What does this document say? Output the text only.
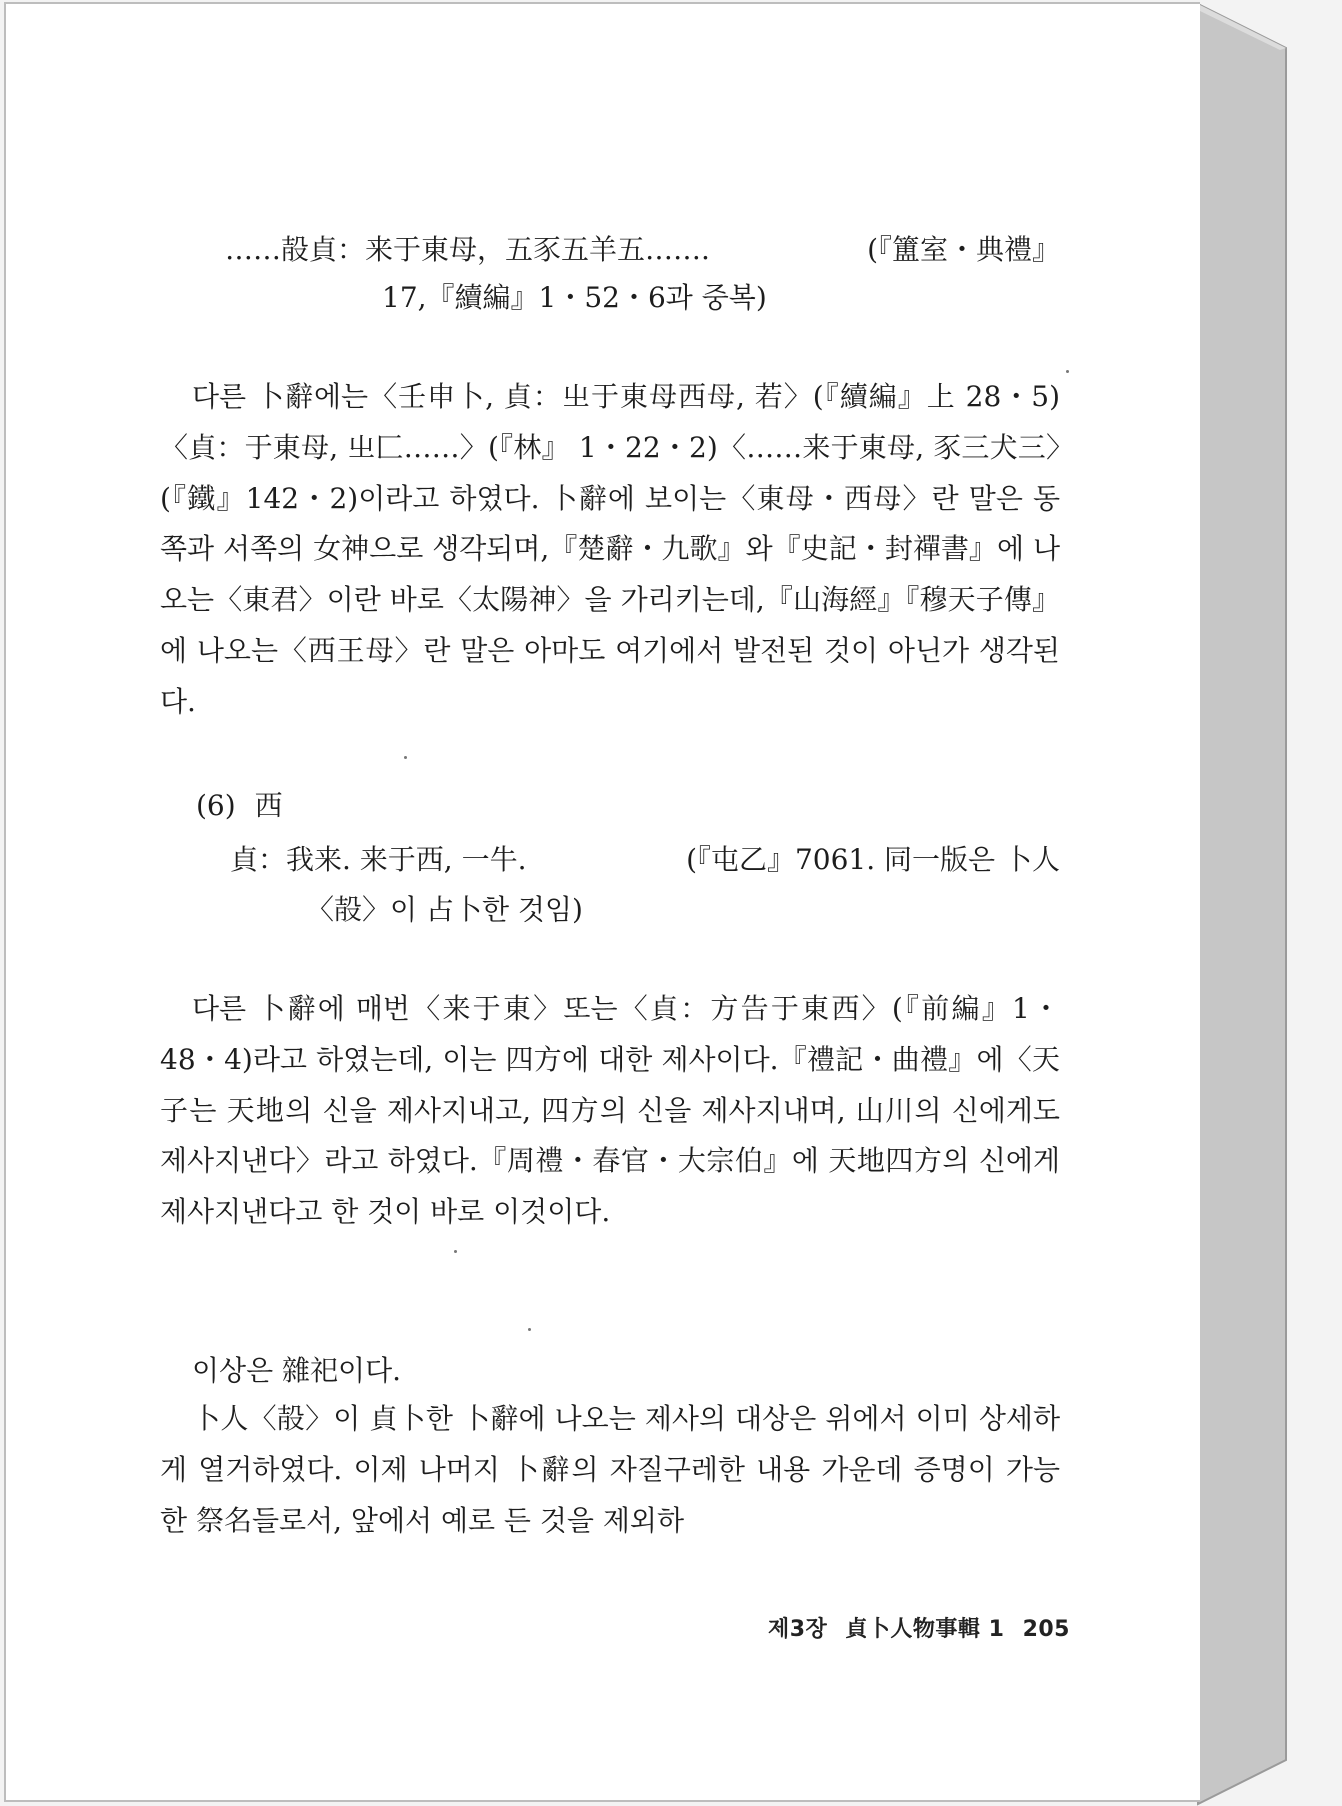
……㱿貞：来于東母，五豕五羊五…….	(『簠室・典禮』
17,『續編』1・52・6과 중복)
다른 卜辭에는〈壬申卜, 貞：㞢于東母西母, 若〉(『續編』上 28・5)〈貞：于東母, 㞢匚……〉(『林』 1・22・2)〈……来于東母, 豕三犬三〉(『鐵』142・2)이라고 하였다. 卜辭에 보이는〈東母・西母〉란 말은 동쪽과 서쪽의 女神으로 생각되며,『楚辭・九歌』와『史記・封禪書』에 나오는〈東君〉이란 바로〈太陽神〉을 가리키는데,『山海經』『穆天子傳』에 나오는〈西王母〉란 말은 아마도 여기에서 발전된 것이 아닌가 생각된다.
(6) 西
貞：我来. 来于西, 一牛.	(『屯乙』7061. 同一版은 卜人
〈㱿〉이 占卜한 것임)
다른 卜辭에 매번〈来于東〉또는〈貞：方告于東西〉(『前編』1・48・4)라고 하였는데, 이는 四方에 대한 제사이다.『禮記・曲禮』에〈天子는 天地의 신을 제사지내고, 四方의 신을 제사지내며, 山川의 신에게도 제사지낸다〉라고 하였다.『周禮・春官・大宗伯』에 天地四方의 신에게 제사지낸다고 한 것이 바로 이것이다.
이상은 雜祀이다.
卜人〈㱿〉이 貞卜한 卜辭에 나오는 제사의 대상은 위에서 이미 상세하게 열거하였다. 이제 나머지 卜辭의 자질구레한 내용 가운데 증명이 가능한 祭名들로서, 앞에서 예로 든 것을 제외하
제3장 貞卜人物事輯 1 205
